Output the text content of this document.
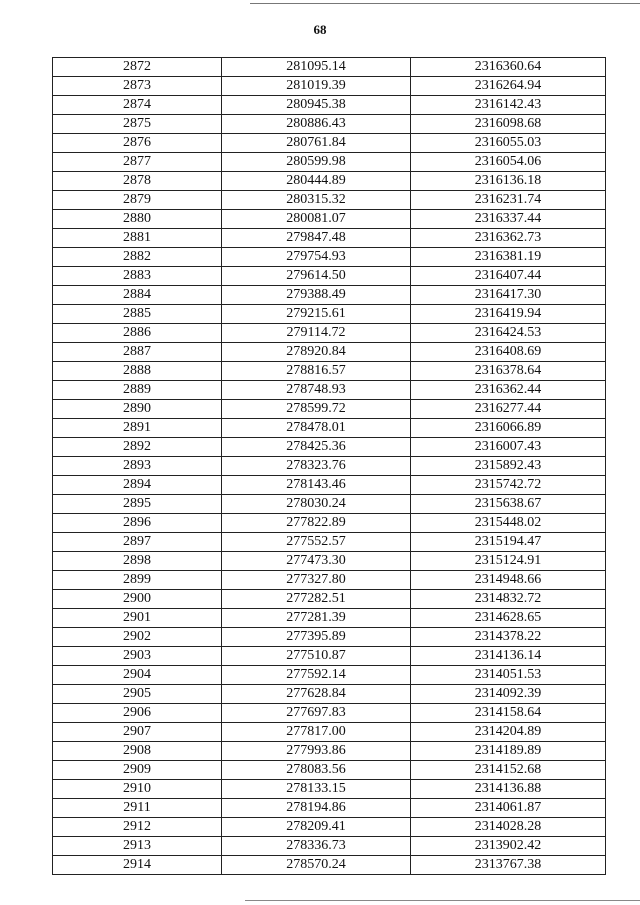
68
2872	281095.14	2316360.64
2873	281019.39	2316264.94
2874	280945.38	2316142.43
2875	280886.43	2316098.68
2876	280761.84	2316055.03
2877	280599.98	2316054.06
2878	280444.89	2316136.18
2879	280315.32	2316231.74
2880	280081.07	2316337.44
2881	279847.48	2316362.73
2882	279754.93	2316381.19
2883	279614.50	2316407.44
2884	279388.49	2316417.30
2885	279215.61	2316419.94
2886	279114.72	2316424.53
2887	278920.84	2316408.69
2888	278816.57	2316378.64
2889	278748.93	2316362.44
2890	278599.72	2316277.44
2891	278478.01	2316066.89
2892	278425.36	2316007.43
2893	278323.76	2315892.43
2894	278143.46	2315742.72
2895	278030.24	2315638.67
2896	277822.89	2315448.02
2897	277552.57	2315194.47
2898	277473.30	2315124.91
2899	277327.80	2314948.66
2900	277282.51	2314832.72
2901	277281.39	2314628.65
2902	277395.89	2314378.22
2903	277510.87	2314136.14
2904	277592.14	2314051.53
2905	277628.84	2314092.39
2906	277697.83	2314158.64
2907	277817.00	2314204.89
2908	277993.86	2314189.89
2909	278083.56	2314152.68
2910	278133.15	2314136.88
2911	278194.86	2314061.87
2912	278209.41	2314028.28
2913	278336.73	2313902.42
2914	278570.24	2313767.38
